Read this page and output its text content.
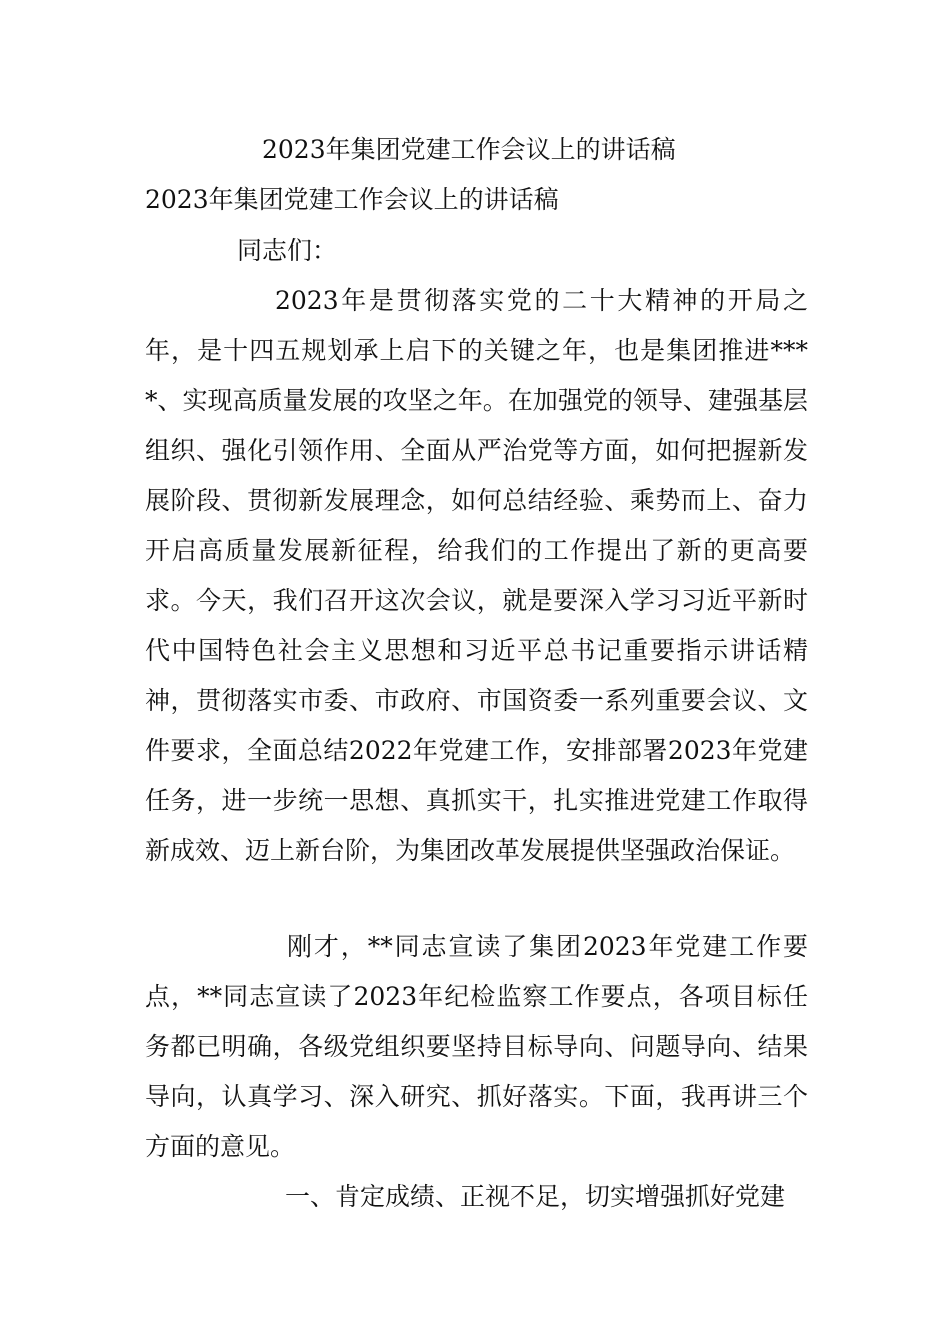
2023年集团党建工作会议上的讲话稿
2023年集团党建工作会议上的讲话稿
同志们：
2023年是贯彻落实党的二十大精神的开局之年，是十四五规划承上启下的关键之年，也是集团推进****、实现高质量发展的攻坚之年。在加强党的领导、建强基层组织、强化引领作用、全面从严治党等方面，如何把握新发展阶段、贯彻新发展理念，如何总结经验、乘势而上、奋力开启高质量发展新征程，给我们的工作提出了新的更高要求。今天，我们召开这次会议，就是要深入学习习近平新时代中国特色社会主义思想和习近平总书记重要指示讲话精神，贯彻落实市委、市政府、市国资委一系列重要会议、文件要求，全面总结2022年党建工作，安排部署2023年党建任务，进一步统一思想、真抓实干，扎实推进党建工作取得新成效、迈上新台阶，为集团改革发展提供坚强政治保证。
刚才，**同志宣读了集团2023年党建工作要点，**同志宣读了2023年纪检监察工作要点，各项目标任务都已明确，各级党组织要坚持目标导向、问题导向、结果导向，认真学习、深入研究、抓好落实。下面，我再讲三个方面的意见。
一、肯定成绩、正视不足，切实增强抓好党建
